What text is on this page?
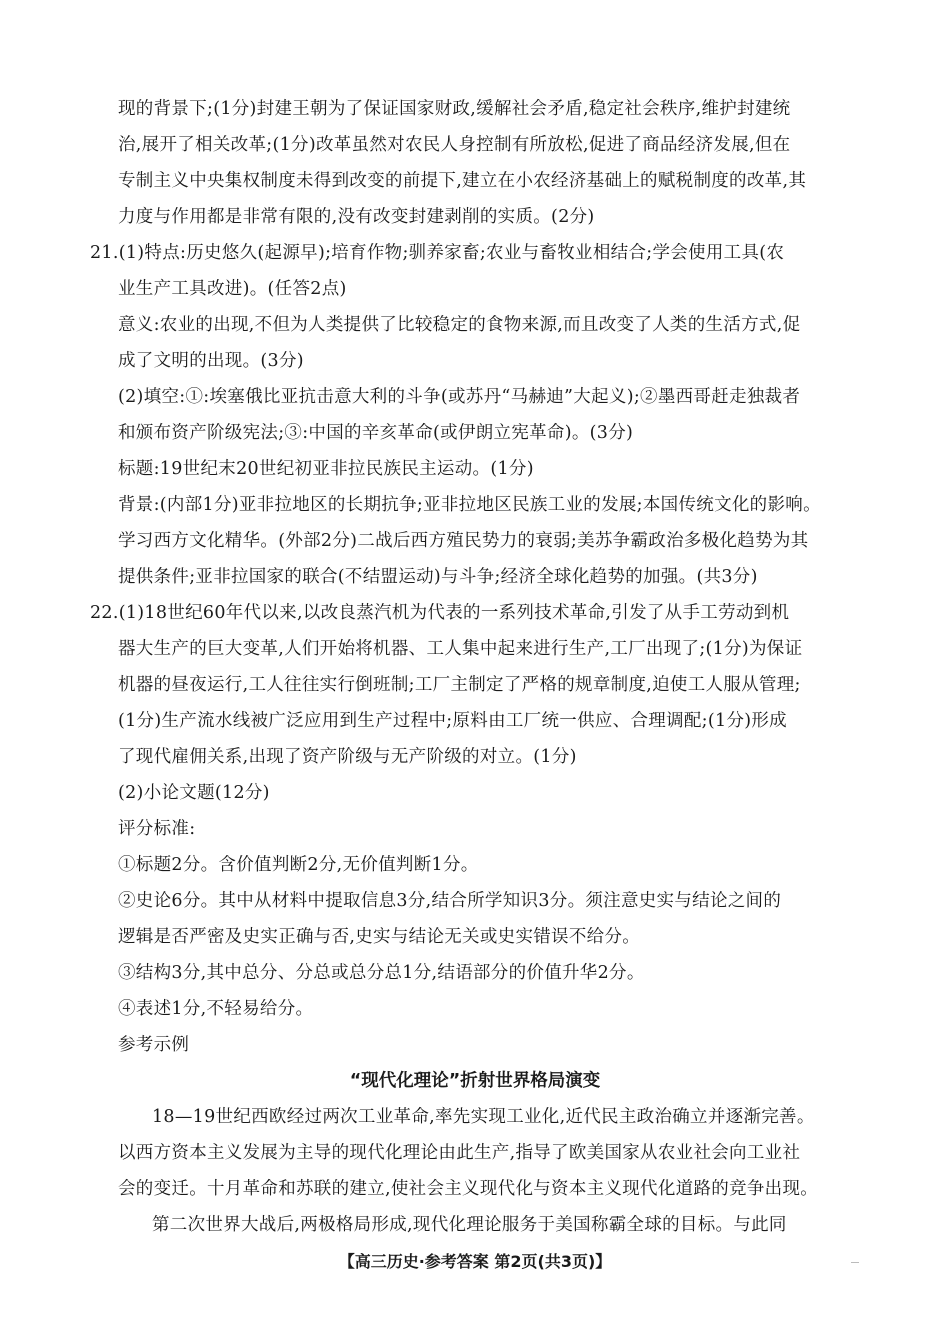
现的背景下;(1分)封建王朝为了保证国家财政,缓解社会矛盾,稳定社会秩序,维护封建统
治,展开了相关改革;(1分)改革虽然对农民人身控制有所放松,促进了商品经济发展,但在
专制主义中央集权制度未得到改变的前提下,建立在小农经济基础上的赋税制度的改革,其
力度与作用都是非常有限的,没有改变封建剥削的实质。(2分)
21.(1)特点:历史悠久(起源早);培育作物;驯养家畜;农业与畜牧业相结合;学会使用工具(农
业生产工具改进)。(任答2点)
意义:农业的出现,不但为人类提供了比较稳定的食物来源,而且改变了人类的生活方式,促
成了文明的出现。(3分)
(2)填空:①:埃塞俄比亚抗击意大利的斗争(或苏丹“马赫迪”大起义);②墨西哥赶走独裁者
和颁布资产阶级宪法;③:中国的辛亥革命(或伊朗立宪革命)。(3分)
标题:19世纪末20世纪初亚非拉民族民主运动。(1分)
背景:(内部1分)亚非拉地区的长期抗争;亚非拉地区民族工业的发展;本国传统文化的影响。
学习西方文化精华。(外部2分)二战后西方殖民势力的衰弱;美苏争霸政治多极化趋势为其
提供条件;亚非拉国家的联合(不结盟运动)与斗争;经济全球化趋势的加强。(共3分)
22.(1)18世纪60年代以来,以改良蒸汽机为代表的一系列技术革命,引发了从手工劳动到机
器大生产的巨大变革,人们开始将机器、工人集中起来进行生产,工厂出现了;(1分)为保证
机器的昼夜运行,工人往往实行倒班制;工厂主制定了严格的规章制度,迫使工人服从管理;
(1分)生产流水线被广泛应用到生产过程中;原料由工厂统一供应、合理调配;(1分)形成
了现代雇佣关系,出现了资产阶级与无产阶级的对立。(1分)
(2)小论文题(12分)
评分标准:
①标题2分。含价值判断2分,无价值判断1分。
②史论6分。其中从材料中提取信息3分,结合所学知识3分。须注意史实与结论之间的
逻辑是否严密及史实正确与否,史实与结论无关或史实错误不给分。
③结构3分,其中总分、分总或总分总1分,结语部分的价值升华2分。
④表述1分,不轻易给分。
参考示例
“现代化理论”折射世界格局演变
18—19世纪西欧经过两次工业革命,率先实现工业化,近代民主政治确立并逐渐完善。
以西方资本主义发展为主导的现代化理论由此生产,指导了欧美国家从农业社会向工业社
会的变迁。十月革命和苏联的建立,使社会主义现代化与资本主义现代化道路的竞争出现。
第二次世界大战后,两极格局形成,现代化理论服务于美国称霸全球的目标。与此同
【高三历史·参考答案 第2页(共3页)】
